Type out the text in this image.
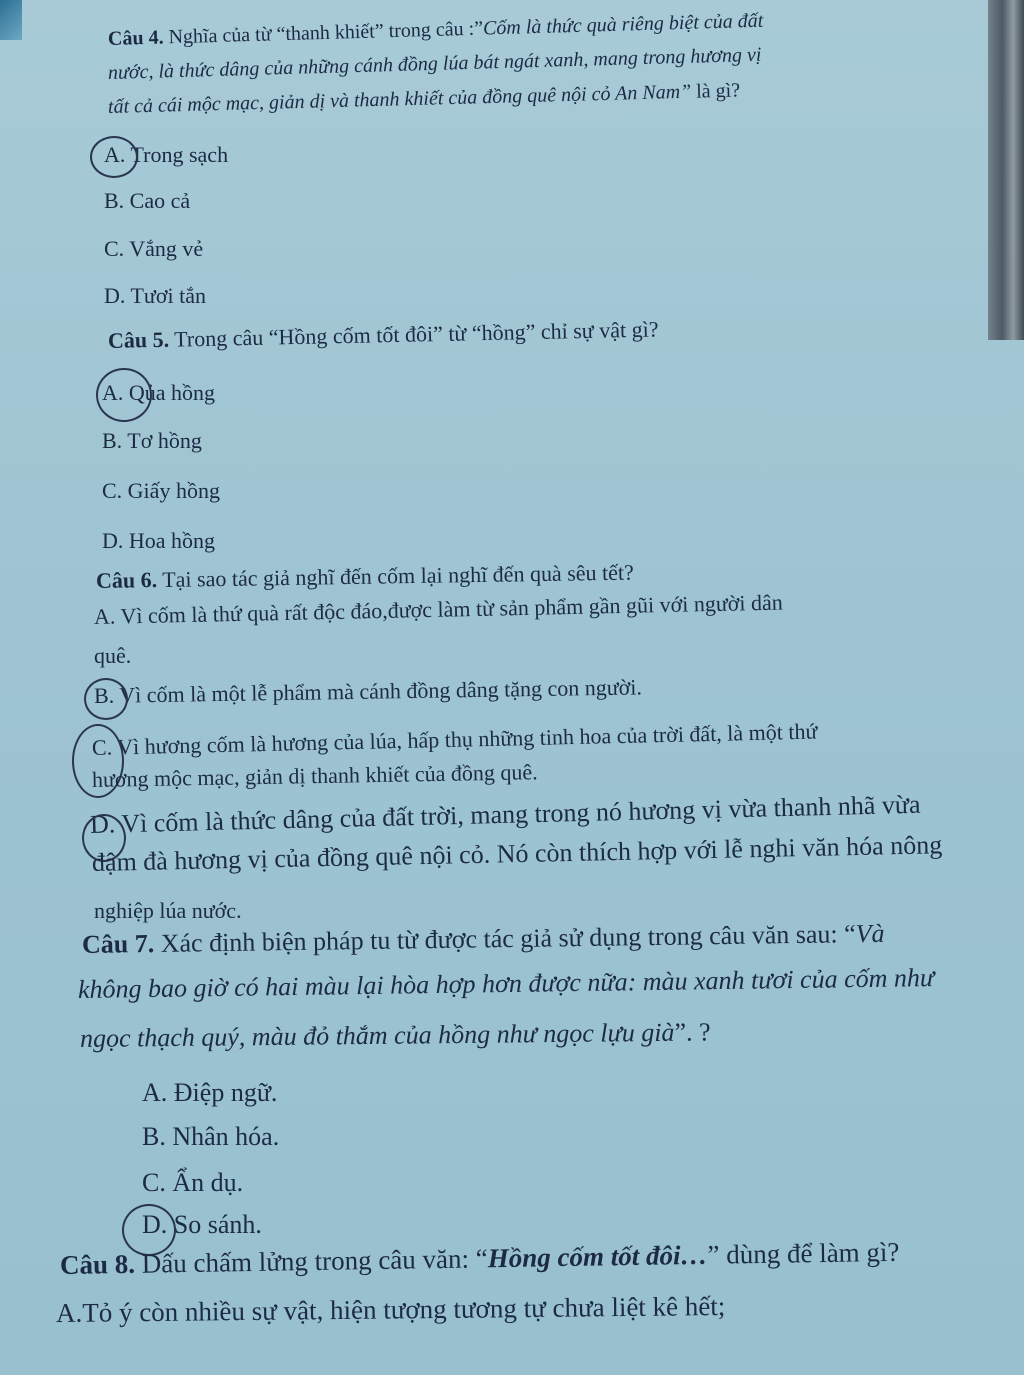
Câu 4. Nghĩa của từ “thanh khiết” trong câu :”Cốm là thức quà riêng biệt của đất
nước, là thức dâng của những cánh đồng lúa bát ngát xanh, mang trong hương vị
tất cả cái mộc mạc, giản dị và thanh khiết của đồng quê nội cỏ An Nam” là gì?
A. Trong sạch
B. Cao cả
C. Vắng vẻ
D. Tươi tắn
Câu 5. Trong câu “Hồng cốm tốt đôi” từ “hồng” chỉ sự vật gì?
A. Qủa hồng
B. Tơ hồng
C. Giấy hồng
D. Hoa hồng
Câu 6. Tại sao tác giả nghĩ đến cốm lại nghĩ đến quà sêu tết?
A. Vì cốm là thứ quà rất độc đáo,được làm từ sản phẩm gần gũi với người dân
quê.
B. Vì cốm là một lễ phẩm mà cánh đồng dâng tặng con người.
C. Vì hương cốm là hương của lúa, hấp thụ những tinh hoa của trời đất, là một thứ
hương mộc mạc, giản dị thanh khiết của đồng quê.
D. Vì cốm là thức dâng của đất trời, mang trong nó hương vị vừa thanh nhã vừa
đậm đà hương vị của đồng quê nội cỏ. Nó còn thích hợp với lễ nghi văn hóa nông
nghiệp lúa nước.
Câu 7. Xác định biện pháp tu từ được tác giả sử dụng trong câu văn sau: “Và
không bao giờ có hai màu lại hòa hợp hơn được nữa: màu xanh tươi của cốm như
ngọc thạch quý, màu đỏ thắm của hồng như ngọc lựu già”. ?
A. Điệp ngữ.
B. Nhân hóa.
C. Ẩn dụ.
D. So sánh.
Câu 8. Dấu chấm lửng trong câu văn: “Hồng cốm tốt đôi…” dùng để làm gì?
A.Tỏ ý còn nhiều sự vật, hiện tượng tương tự chưa liệt kê hết;
